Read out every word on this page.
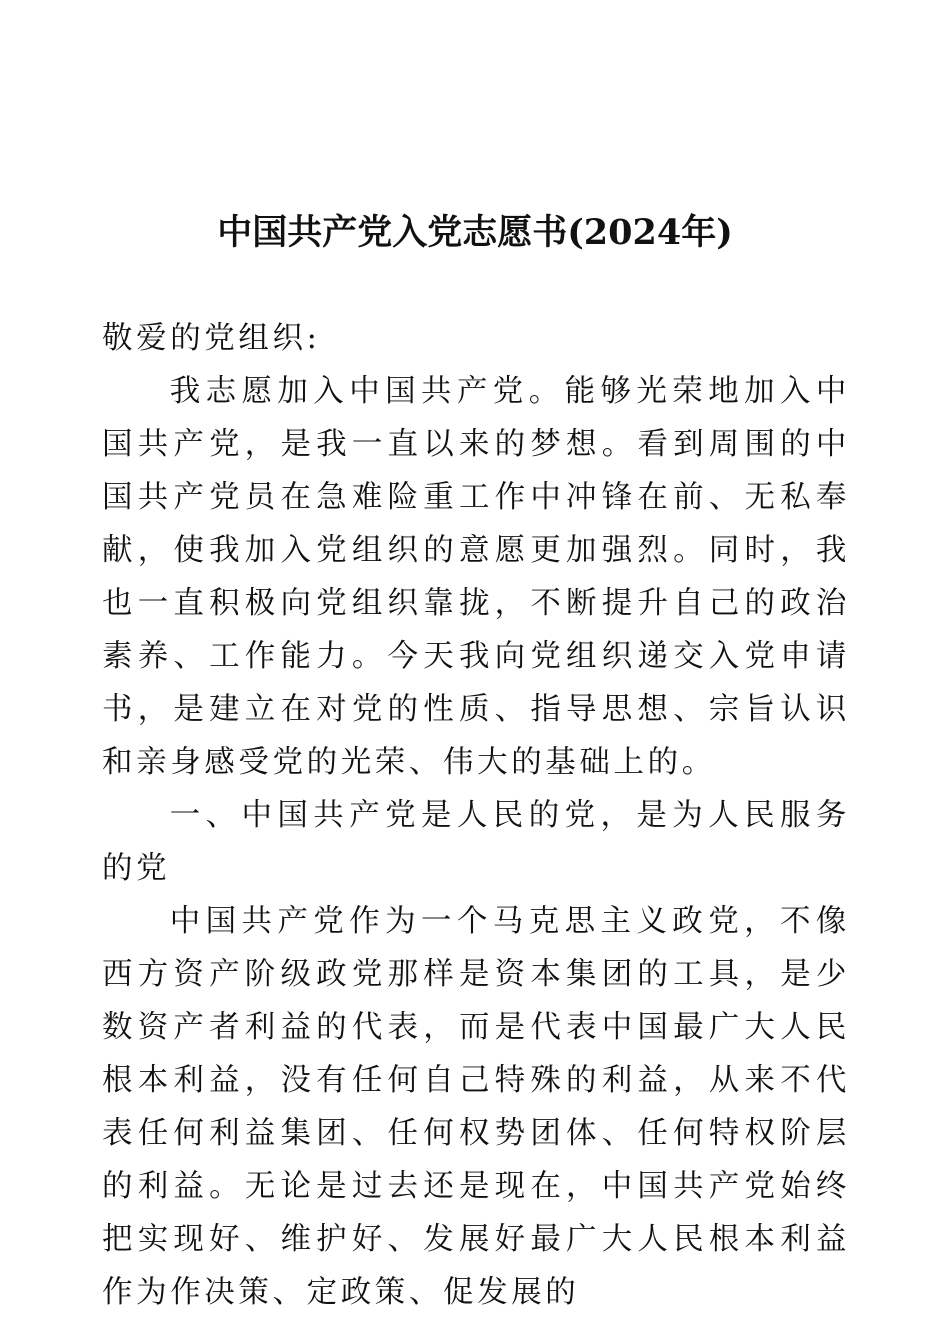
中国共产党入党志愿书(2024年)

敬爱的党组织:

我志愿加入中国共产党。能够光荣地加入中国共产党，是我一直以来的梦想。看到周围的中国共产党员在急难险重工作中冲锋在前、无私奉献，使我加入党组织的意愿更加强烈。同时，我也一直积极向党组织靠拢，不断提升自己的政治素养、工作能力。今天我向党组织递交入党申请书，是建立在对党的性质、指导思想、宗旨认识和亲身感受党的光荣、伟大的基础上的。

一、中国共产党是人民的党，是为人民服务的党

中国共产党作为一个马克思主义政党，不像西方资产阶级政党那样是资本集团的工具，是少数资产者利益的代表，而是代表中国最广大人民根本利益，没有任何自己特殊的利益，从来不代表任何利益集团、任何权势团体、任何特权阶层的利益。无论是过去还是现在，中国共产党始终把实现好、维护好、发展好最广大人民根本利益作为作决策、定政策、促发展的
